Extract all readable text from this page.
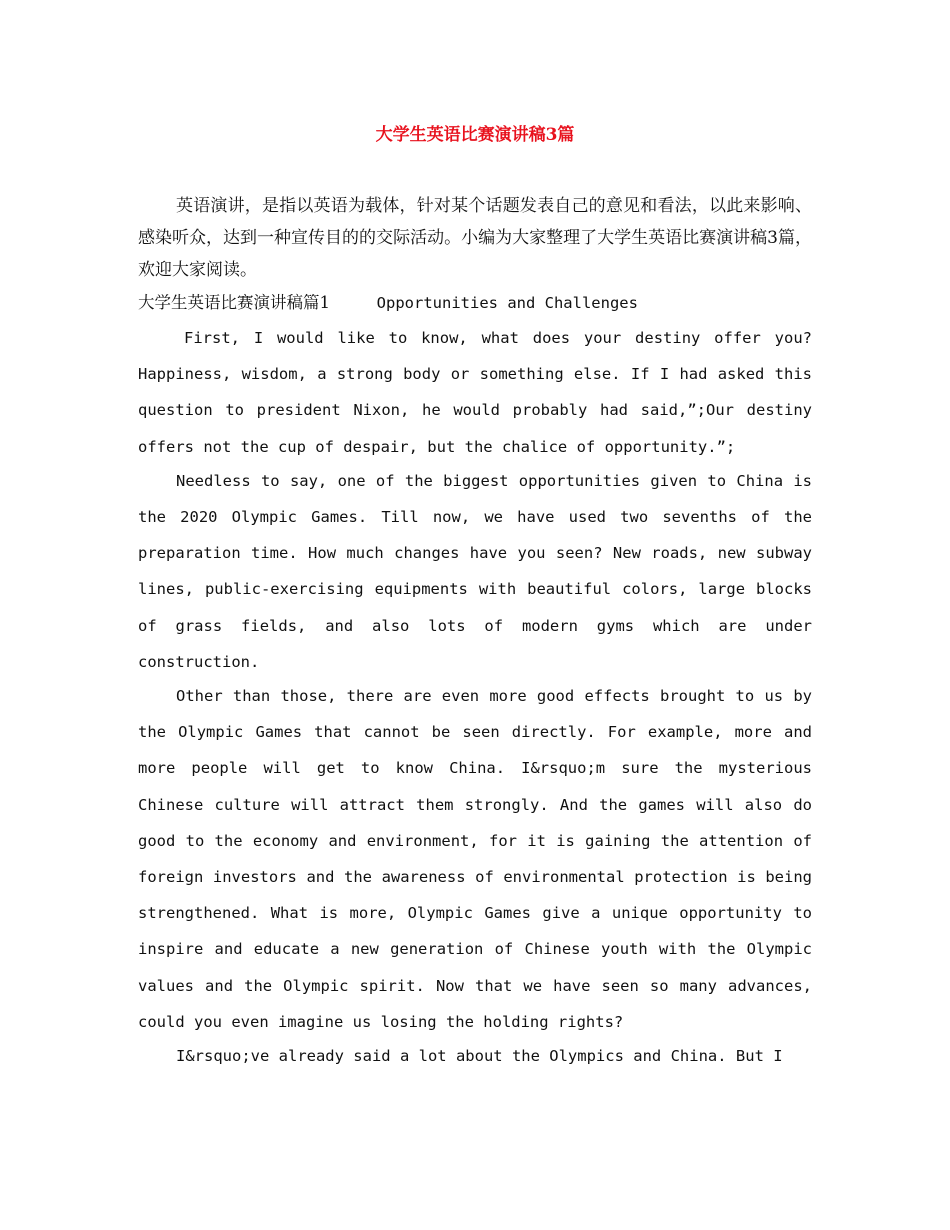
大学生英语比赛演讲稿3篇

英语演讲，是指以英语为载体，针对某个话题发表自己的意见和看法，以此来影响、感染听众，达到一种宣传目的的交际活动。小编为大家整理了大学生英语比赛演讲稿3篇，欢迎大家阅读。

大学生英语比赛演讲稿篇1	Opportunities and Challenges

First, I would like to know, what does your destiny offer you? Happiness, wisdom, a strong body or something else. If I had asked this question to president Nixon, he would probably had said,”;Our destiny offers not the cup of despair, but the chalice of opportunity.”;

Needless to say, one of the biggest opportunities given to China is the 2020 Olympic Games. Till now, we have used two sevenths of the preparation time. How much changes have you seen? New roads, new subway lines, public-exercising equipments with beautiful colors, large blocks of grass fields, and also lots of modern gyms which are under construction.

Other than those, there are even more good effects brought to us by the Olympic Games that cannot be seen directly. For example, more and more people will get to know China. I&rsquo;m sure the mysterious Chinese culture will attract them strongly. And the games will also do good to the economy and environment, for it is gaining the attention of foreign investors and the awareness of environmental protection is being strengthened. What is more, Olympic Games give a unique opportunity to inspire and educate a new generation of Chinese youth with the Olympic values and the Olympic spirit. Now that we have seen so many advances, could you even imagine us losing the holding rights?

I&rsquo;ve already said a lot about the Olympics and China. But I
